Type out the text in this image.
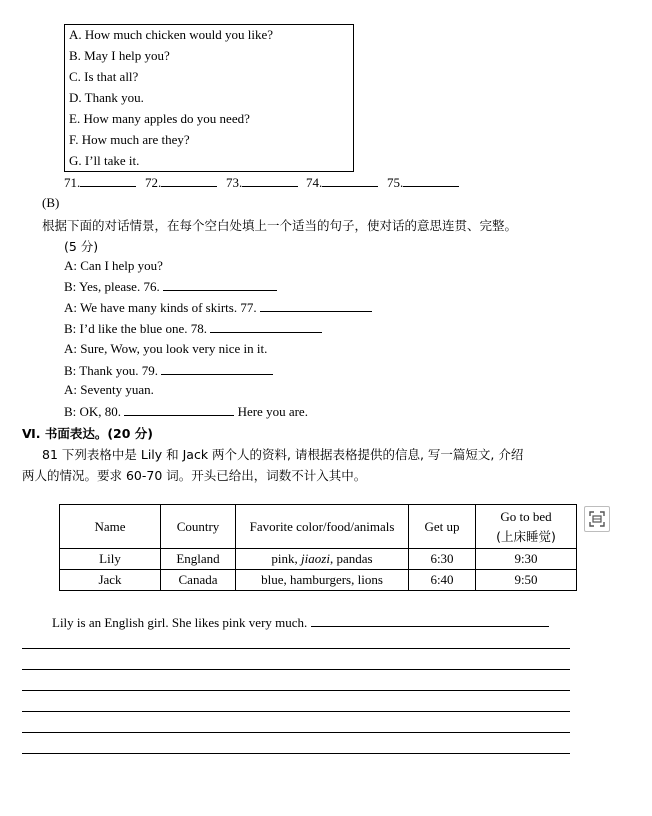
A. How much chicken would you like?
B. May I help you?
C. Is that all?
D. Thank you.
E. How many apples do you need?
F. How much are they?
G. I’ll take it.
71.	72.	73.	74.	75.
(B)
根据下面的对话情景，在每个空白处填上一个适当的句子，使对话的意思连贯、完整。
(5 分)
A: Can I help you?
B: Yes, please. 76.
A: We have many kinds of skirts. 77.
B: I’d like the blue one. 78.
A: Sure, Wow, you look very nice in it.
B: Thank you. 79.
A: Seventy yuan.
B: OK, 80.	Here you are.
Ⅵ. 书面表达。(20 分)
81 下列表格中是 Lily 和 Jack 两个人的资料, 请根据表格提供的信息, 写一篇短文, 介绍
两人的情况。要求 60-70 词。开头已给出，词数不计入其中。
Name	Country	Favorite color/food/animals	Get up	Go to bed
(上床睡觉)

Lily	England	pink, jiaozi, pandas	6:30	9:30
Jack	Canada	blue, hamburgers, lions	6:40	9:50
Lily is an English girl. She likes pink very much.
